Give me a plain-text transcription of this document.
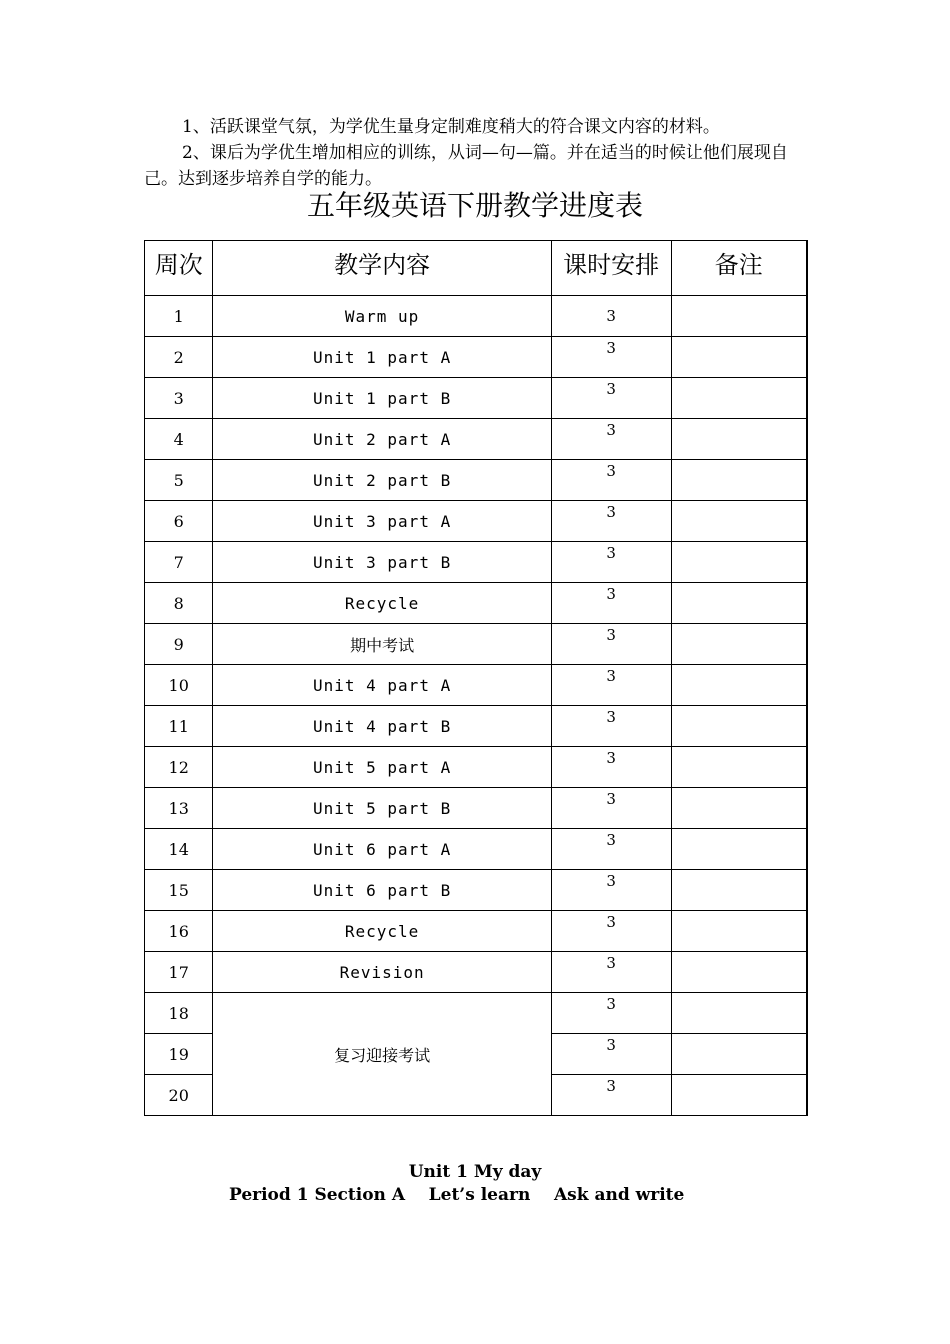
1、活跃课堂气氛，为学优生量身定制难度稍大的符合课文内容的材料。
2、课后为学优生增加相应的训练，从词—句—篇。并在适当的时候让他们展现自己。达到逐步培养自学的能力。
五年级英语下册教学进度表
周次	教学内容	课时安排	备注
1	Warm up	3	

2	Unit 1 part A	3	

3	Unit 1 part B	3	

4	Unit 2 part A	3	

5	Unit 2 part B	3	

6	Unit 3 part A	3	

7	Unit 3 part B	3	

8	Recycle	3	

9	期中考试	3	

10	Unit 4 part A	3	

11	Unit 4 part B	3	

12	Unit 5 part A	3	

13	Unit 5 part B	3	

14	Unit 6 part A	3	

15	Unit 6 part B	3	

16	Recycle	3	

17	Revision	3	

18	复习迎接考试	3	

19		3	

20		3	

Unit 1 My day
Period 1 Section A    Let’s learn    Ask and write
